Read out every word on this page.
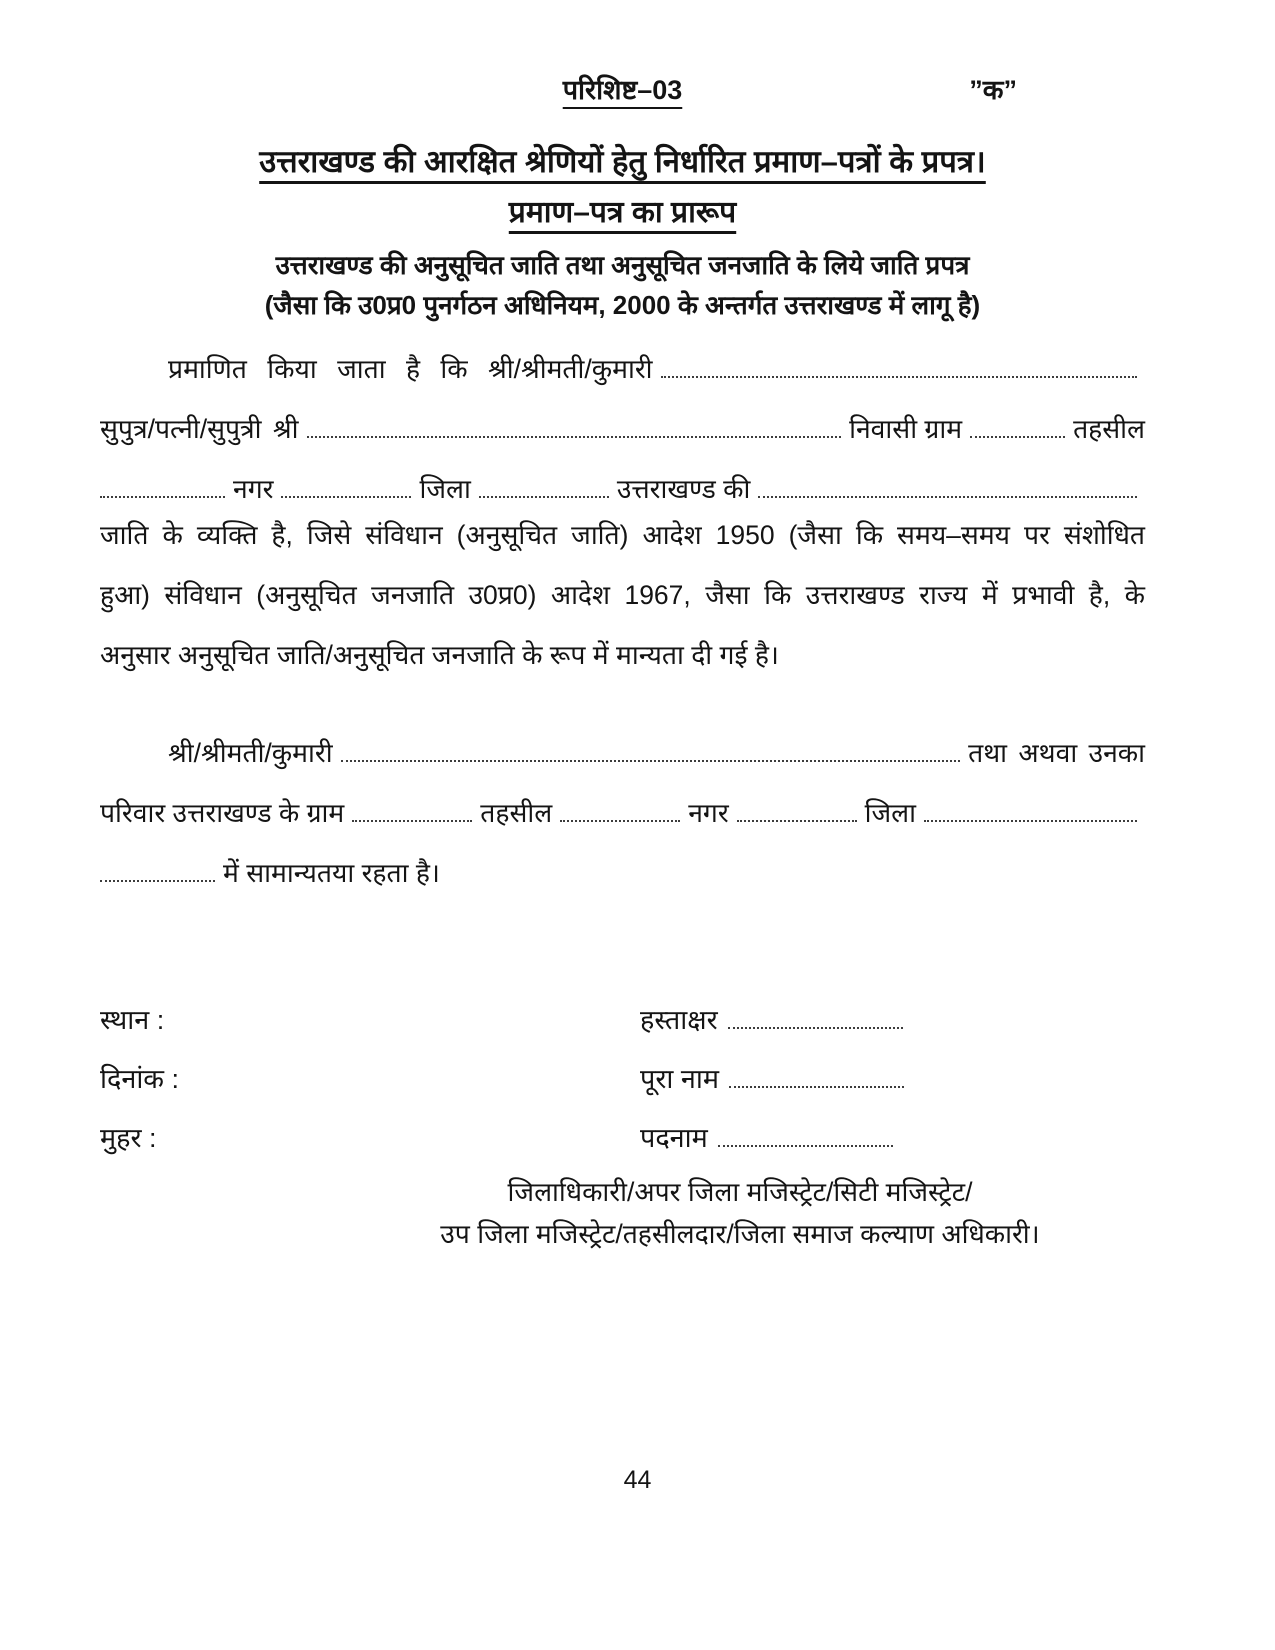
परिशिष्ट–03	”क”
उत्तराखण्ड की आरक्षित श्रेणियों हेतु निर्धारित प्रमाण–पत्रों के प्रपत्र।
प्रमाण–पत्र का प्रारूप
उत्तराखण्ड की अनुसूचित जाति तथा अनुसूचित जनजाति के लिये जाति प्रपत्र
(जैसा कि उ0प्र0 पुनर्गठन अधिनियम, 2000 के अन्तर्गत उत्तराखण्ड में लागू है)
प्रमाणित किया जाता है कि श्री/श्रीमती/कुमारी
सुपुत्र/पत्नी/सुपुत्री श्री	निवासी ग्राम	तहसील
नगर	जिला	उत्तराखण्ड की
जाति के व्यक्ति है, जिसे संविधान (अनुसूचित जाति) आदेश 1950 (जैसा कि समय–समय पर संशोधित
हुआ) संविधान (अनुसूचित जनजाति उ0प्र0) आदेश 1967, जैसा कि उत्तराखण्ड राज्य में प्रभावी है, के
अनुसार अनुसूचित जाति/अनुसूचित जनजाति के रूप में मान्यता दी गई है।
श्री/श्रीमती/कुमारी	तथा अथवा उनका
परिवार उत्तराखण्ड के ग्राम	तहसील	नगर	जिला
में सामान्यतया रहता है।
स्थान :	हस्ताक्षर
दिनांक :	पूरा नाम
मुहर :	पदनाम
जिलाधिकारी/अपर जिला मजिस्ट्रेट/सिटी मजिस्ट्रेट/
उप जिला मजिस्ट्रेट/तहसीलदार/जिला समाज कल्याण अधिकारी।
44
